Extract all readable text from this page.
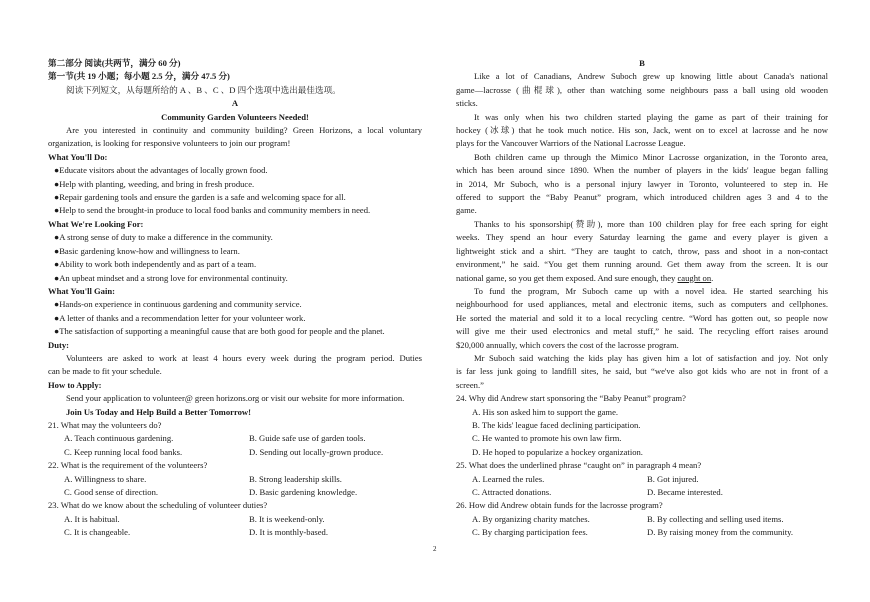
第二部分 阅读(共两节，满分 60 分)
第一节(共 19 小题；每小题 2.5 分，满分 47.5 分)
阅读下列短文，从每题所给的 A 、B 、C 、D 四个选项中选出最佳选项。
A
Community Garden Volunteers Needed!
Are you interested in continuity and community building? Green Horizons, a local voluntary
organization, is looking for responsive volunteers to join our program!
What You'll Do:
●Educate visitors about the advantages of locally grown food.
●Help with planting, weeding, and bring in fresh produce.
●Repair gardening tools and ensure the garden is a safe and welcoming space for all.
●Help to send the brought-in produce to local food banks and community members in need.
What We're Looking For:
●A strong sense of duty to make a difference in the community.
●Basic gardening know-how and willingness to learn.
●Ability to work both independently and as part of a team.
●An upbeat mindset and a strong love for environmental continuity.
What You'll Gain:
●Hands-on experience in continuous gardening and community service.
●A letter of thanks and a recommendation letter for your volunteer work.
●The satisfaction of supporting a meaningful cause that are both good for people and the planet.
Duty:
Volunteers are asked to work at least 4 hours every week during the program period. Duties
can be made to fit your schedule.
How to Apply:
Send your application to volunteer@ green horizons.org or visit our website for more information.
Join Us Today and Help Build a Better Tomorrow!
21. What may the volunteers do?
A. Teach continuous gardening.	B. Guide safe use of garden tools.
C. Keep running local food banks.	D. Sending out locally-grown produce.
22. What is the requirement of the volunteers?
A. Willingness to share.	B. Strong leadership skills.
C. Good sense of direction.	D. Basic gardening knowledge.
23. What do we know about the scheduling of volunteer duties?
A. It is habitual.	B. It is weekend-only.
C. It is changeable.	D. It is monthly-based.
B
Like a lot of Canadians, Andrew Suboch grew up knowing little about Canada's national
game—lacrosse (曲棍球), other than watching some neighbours pass a ball using old wooden
sticks.
It was only when his two children started playing the game as part of their training for
hockey (冰球) that he took much notice. His son, Jack, went on to excel at lacrosse and he now
plays for the Vancouver Warriors of the National Lacrosse League.
Both children came up through the Mimico Minor Lacrosse organization, in the Toronto area,
which has been around since 1890. When the number of players in the kids' league began falling
in 2014, Mr Suboch, who is a personal injury lawyer in Toronto, volunteered to step in. He
offered to support the “Baby Peanut” program, which introduced children ages 3 and 4 to the
game.
Thanks to his sponsorship(赞助), more than 100 children play for free each spring for eight
weeks. They spend an hour every Saturday learning the game and every player is given a
lightweight stick and a shirt. “They are taught to catch, throw, pass and shoot in a non-contact
environment,” he said. “You get them running around. Get them away from the screen. It is our
national game, so you get them exposed. And sure enough, they caught on.
To fund the program, Mr Suboch came up with a novel idea. He started searching his
neighbourhood for used appliances, metal and electronic items, such as computers and cellphones.
He sorted the material and sold it to a local recycling centre. “Word has gotten out, so people now
will give me their used electronics and metal stuff,” he said. The recycling effort raises around
$20,000 annually, which covers the cost of the lacrosse program.
Mr Suboch said watching the kids play has given him a lot of satisfaction and joy. Not only
is far less junk going to landfill sites, he said, but “we've also got kids who are not in front of a
screen.”
24. Why did Andrew start sponsoring the “Baby Peanut” program?
A. His son asked him to support the game.
B. The kids' league faced declining participation.
C. He wanted to promote his own law firm.
D. He hoped to popularize a hockey organization.
25. What does the underlined phrase “caught on” in paragraph 4 mean?
A. Learned the rules.	B. Got injured.
C. Attracted donations.	D. Became interested.
26. How did Andrew obtain funds for the lacrosse program?
A. By organizing charity matches.	B. By collecting and selling used items.
C. By charging participation fees.	D. By raising money from the community.
2
